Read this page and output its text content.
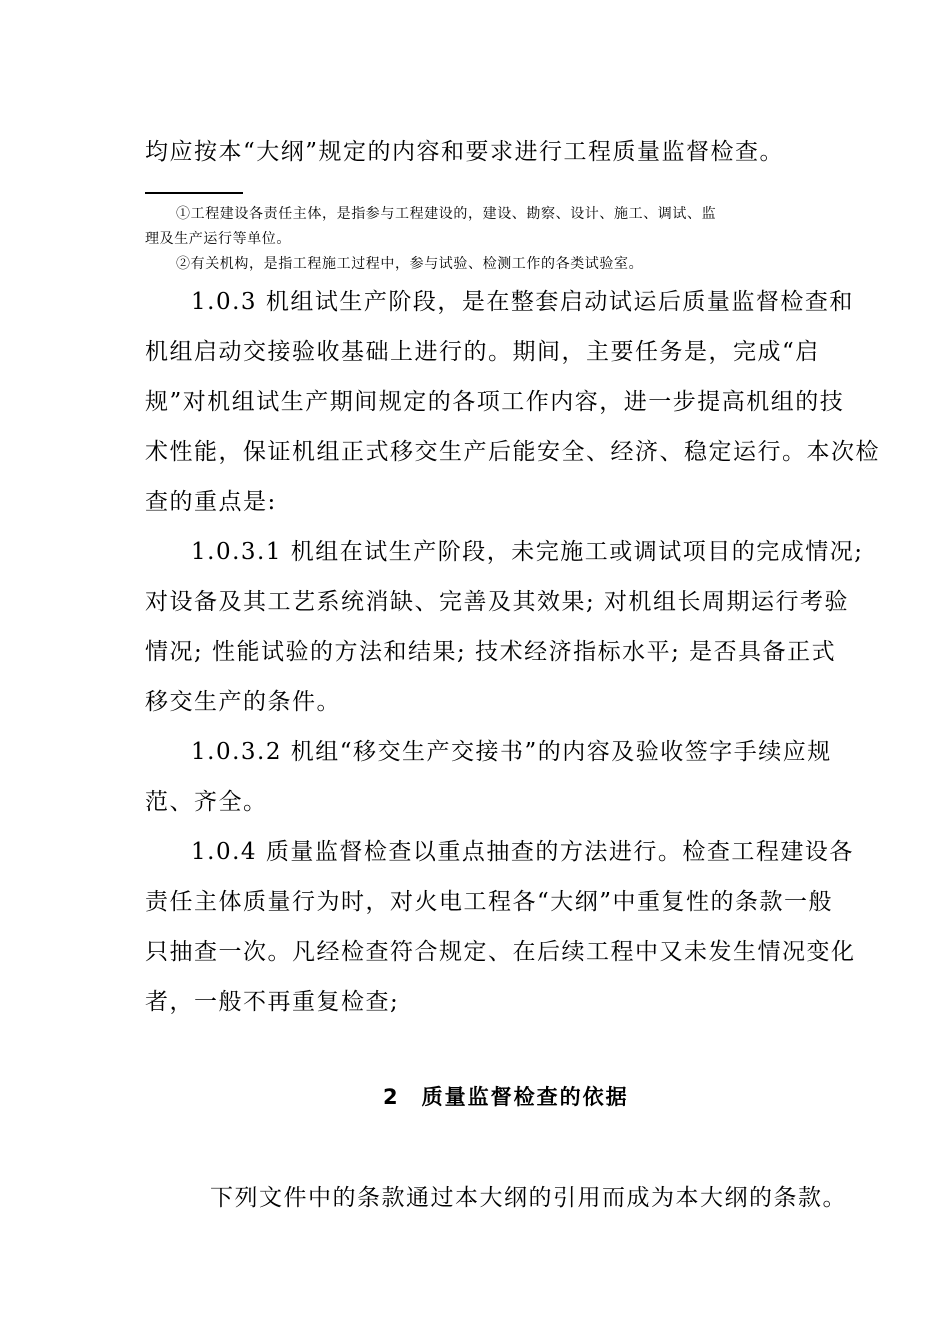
均应按本“大纲”规定的内容和要求进行工程质量监督检查。
①工程建设各责任主体，是指参与工程建设的，建设、勘察、设计、施工、调试、监
理及生产运行等单位。
②有关机构，是指工程施工过程中，参与试验、检测工作的各类试验室。
1.0.3 机组试生产阶段，是在整套启动试运后质量监督检查和
机组启动交接验收基础上进行的。期间，主要任务是，完成“启
规”对机组试生产期间规定的各项工作内容，进一步提高机组的技
术性能，保证机组正式移交生产后能安全、经济、稳定运行。本次检
查的重点是:
1.0.3.1 机组在试生产阶段，未完施工或调试项目的完成情况;
对设备及其工艺系统消缺、完善及其效果; 对机组长周期运行考验
情况; 性能试验的方法和结果; 技术经济指标水平; 是否具备正式
移交生产的条件。
1.0.3.2 机组“移交生产交接书”的内容及验收签字手续应规
范、齐全。
1.0.4 质量监督检查以重点抽查的方法进行。检查工程建设各
责任主体质量行为时，对火电工程各“大纲”中重复性的条款一般
只抽查一次。凡经检查符合规定、在后续工程中又未发生情况变化
者，一般不再重复检查;
2 质量监督检查的依据
下列文件中的条款通过本大纲的引用而成为本大纲的条款。
